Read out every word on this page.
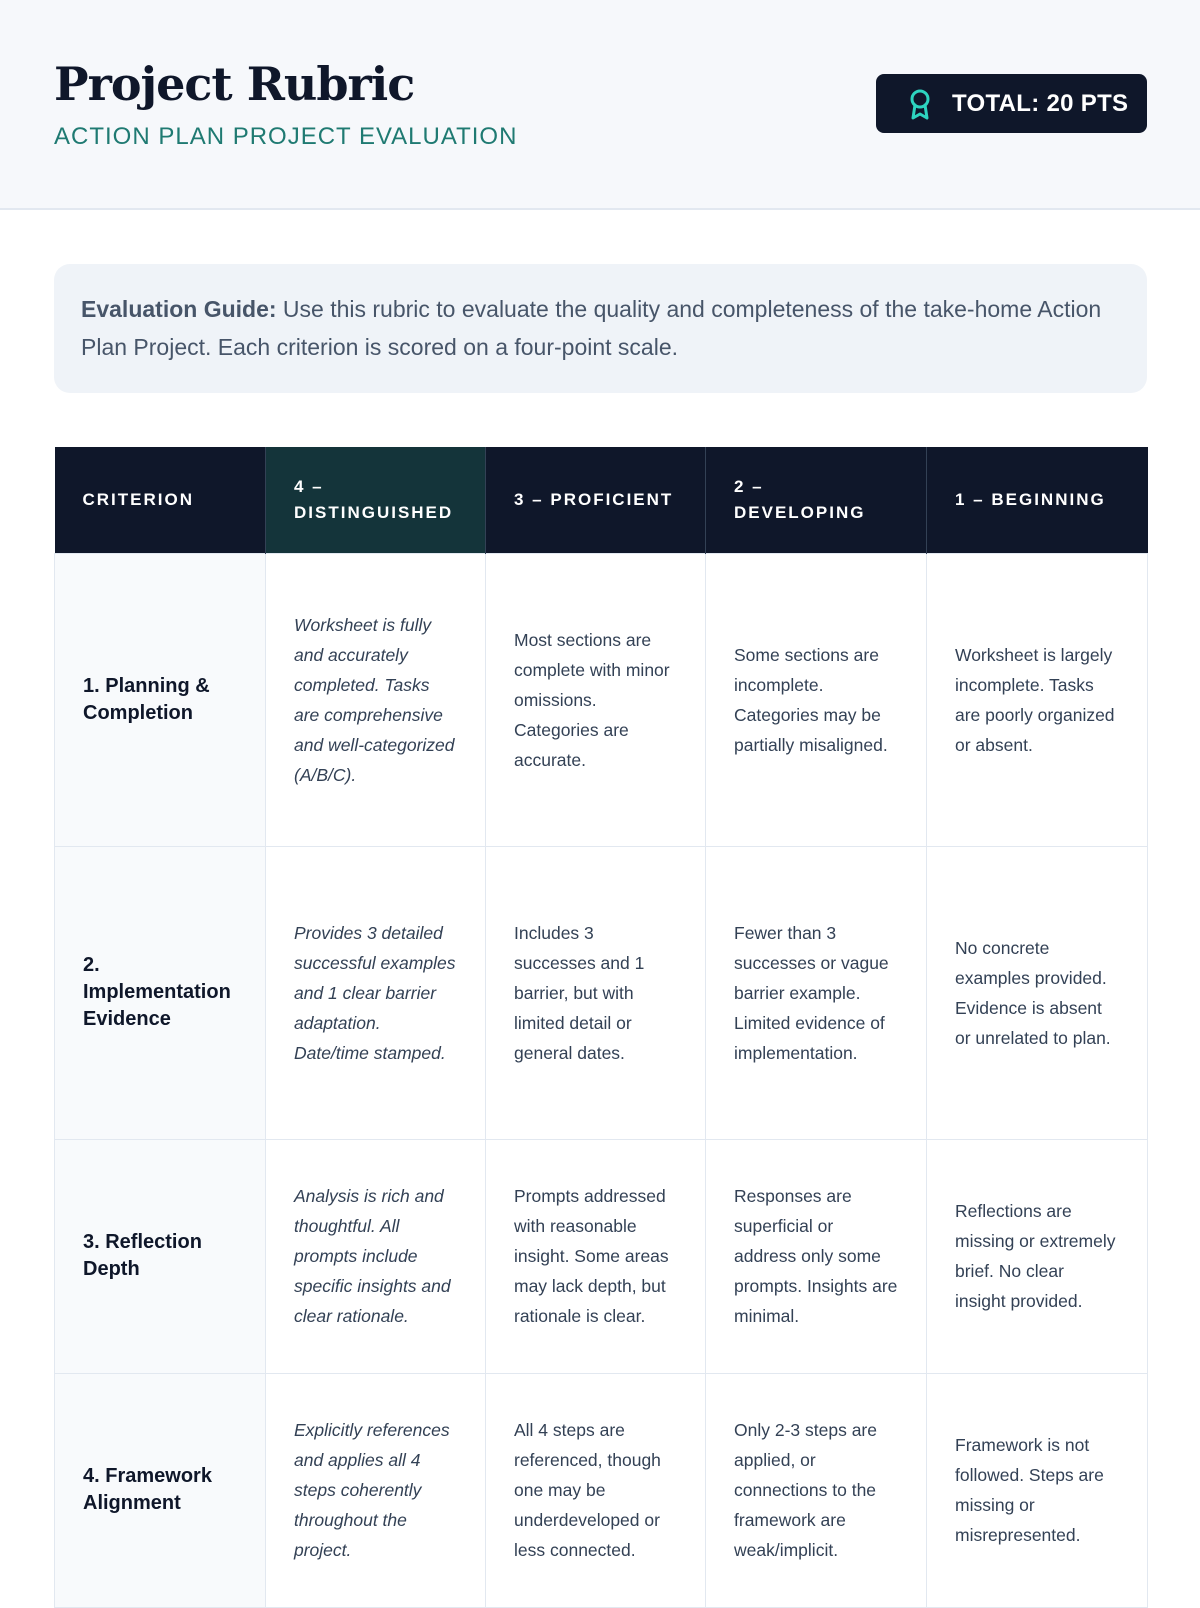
Project Rubric
ACTION PLAN PROJECT EVALUATION
TOTAL: 20 PTS
Evaluation Guide: Use this rubric to evaluate the quality and completeness of the take-home Action Plan Project. Each criterion is scored on a four-point scale.
CRITERION	4 – DISTINGUISHED	3 – PROFICIENT	2 – DEVELOPING	1 – BEGINNING
1. Planning & Completion	Worksheet is fully and accurately completed. Tasks are comprehensive and well-categorized (A/B/C).	Most sections are complete with minor omissions. Categories are accurate.	Some sections are incomplete. Categories may be partially misaligned.	Worksheet is largely incomplete. Tasks are poorly organized or absent.
2. Implementation Evidence	Provides 3 detailed successful examples and 1 clear barrier adaptation. Date/time stamped.	Includes 3 successes and 1 barrier, but with limited detail or general dates.	Fewer than 3 successes or vague barrier example. Limited evidence of implementation.	No concrete examples provided. Evidence is absent or unrelated to plan.
3. Reflection Depth	Analysis is rich and thoughtful. All prompts include specific insights and clear rationale.	Prompts addressed with reasonable insight. Some areas may lack depth, but rationale is clear.	Responses are superficial or address only some prompts. Insights are minimal.	Reflections are missing or extremely brief. No clear insight provided.
4. Framework Alignment	Explicitly references and applies all 4 steps coherently throughout the project.	All 4 steps are referenced, though one may be underdeveloped or less connected.	Only 2-3 steps are applied, or connections to the framework are weak/implicit.	Framework is not followed. Steps are missing or misrepresented.
